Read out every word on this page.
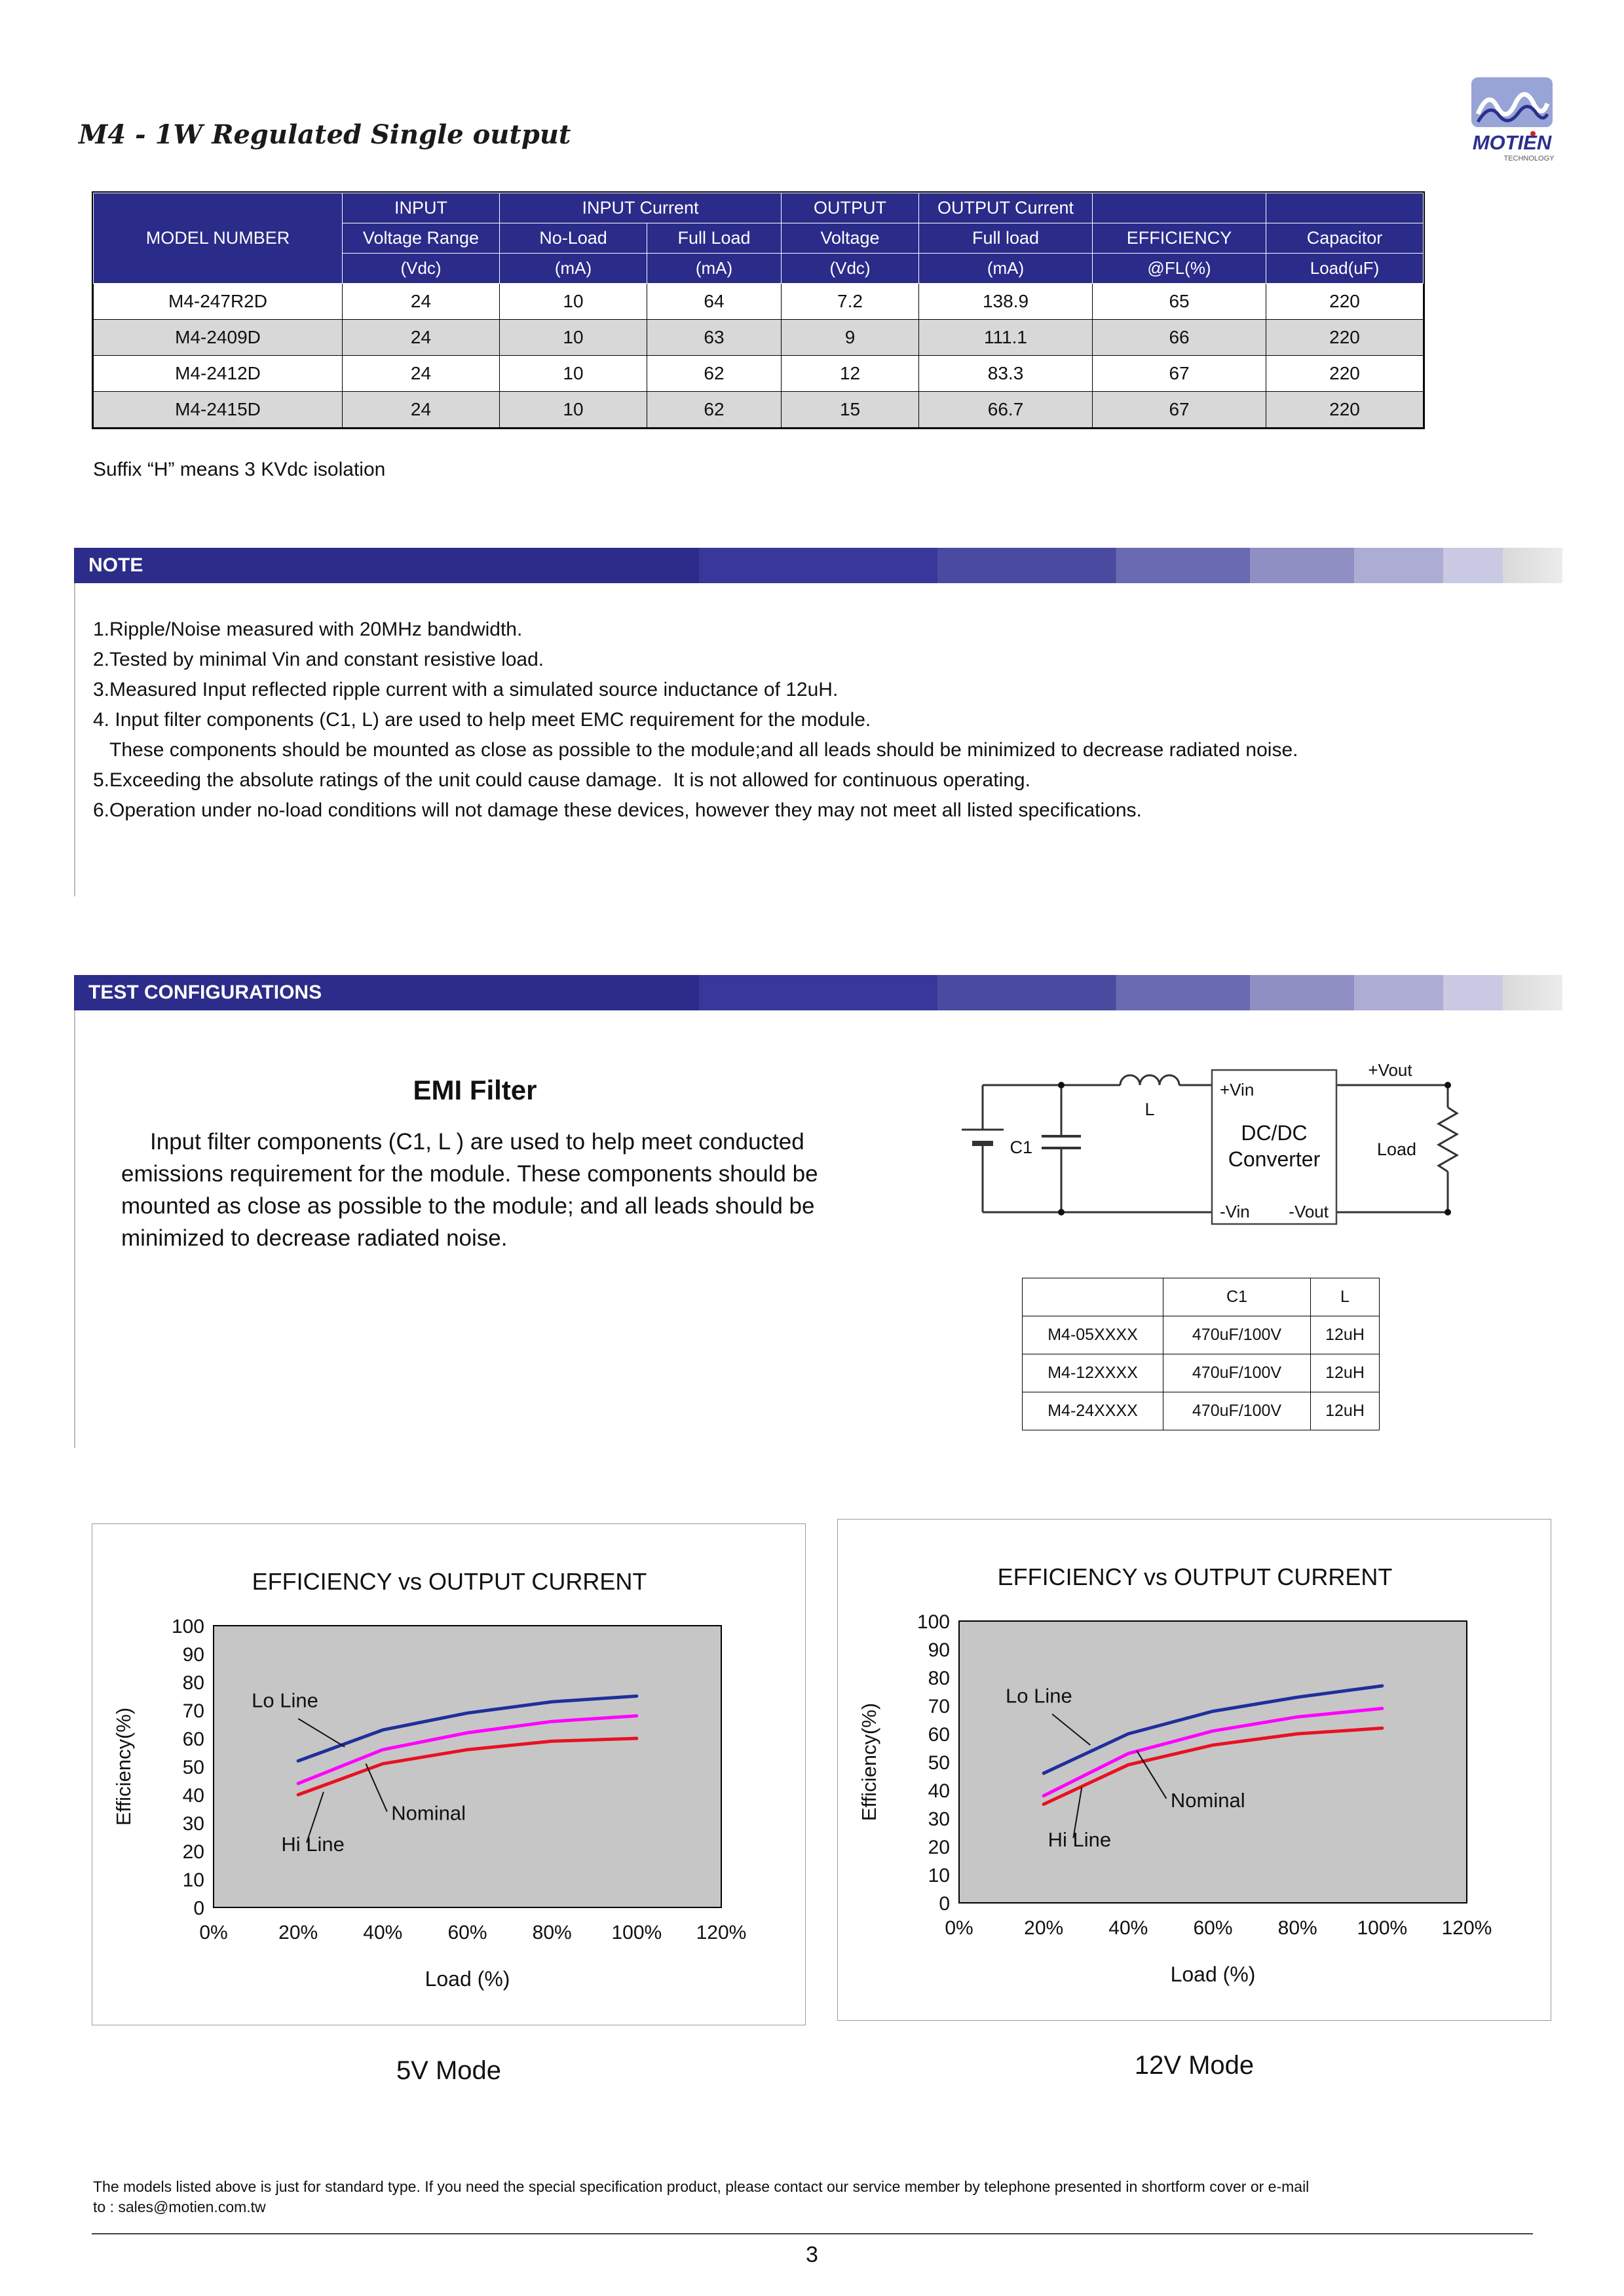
M4 - 1W Regulated Single output	MOTIEN
TECHNOLOGY
MODEL NUMBER	INPUT	INPUT Current		OUTPUT	OUTPUT Current		
	Voltage Range	No-Load	Full Load	Voltage	Full load	EFFICIENCY	Capacitor
	(Vdc)	(mA)	(mA)	(Vdc)	(mA)	@FL(%)	Load(uF)
M4-247R2D	24	10	64	7.2	138.9	65	220
M4-2409D	24	10	63	9	111.1	66	220
M4-2412D	24	10	62	12	83.3	67	220
M4-2415D	24	10	62	15	66.7	67	220
Suffix “H” means 3 KVdc isolation
NOTE
1.Ripple/Noise measured with 20MHz bandwidth.
2.Tested by minimal Vin and constant resistive load.
3.Measured Input reflected ripple current with a simulated source inductance of 12uH.
4. Input filter components (C1, L) are used to help meet EMC requirement for the module.
These components should be mounted as close as possible to the module;and all leads should be minimized to decrease radiated noise.
5.Exceeding the absolute ratings of the unit could cause damage.  It is not allowed for continuous operating.
6.Operation under no-load conditions will not damage these devices, however they may not meet all listed specifications.
TEST CONFIGURATIONS
EMI Filter
Input filter components (C1, L ) are used to help meet conducted emissions requirement for the module. These components should be mounted as close as possible to the module; and all leads should be minimized to decrease radiated noise.
C1
L
+Vin
-Vin
DC/DC
Converter
-Vout
+Vout
Load
	C1	L
M4-05XXXX	470uF/100V	12uH
M4-12XXXX	470uF/100V	12uH
M4-24XXXX	470uF/100V	12uH
EFFICIENCY vs OUTPUT CURRENT
0
10
20
30
40
50
60
70
80
90
100
0%	20% 40% 60% 80% 100% 120%
Efficiency(%)
Load (%)
Lo Line
Nominal
Hi Line
EFFICIENCY vs OUTPUT CURRENT
0
10
20
30
40
50
60
70
80
90
100
0%	20% 40% 60% 80% 100% 120%
Efficiency(%)
Load (%)
Lo Line
Nominal
Hi Line
5V Mode	12V Mode
The models listed above is just for standard type. If you need the special specification product, please contact our service member by telephone presented in shortform cover or e-mail
to : sales@motien.com.tw
3
